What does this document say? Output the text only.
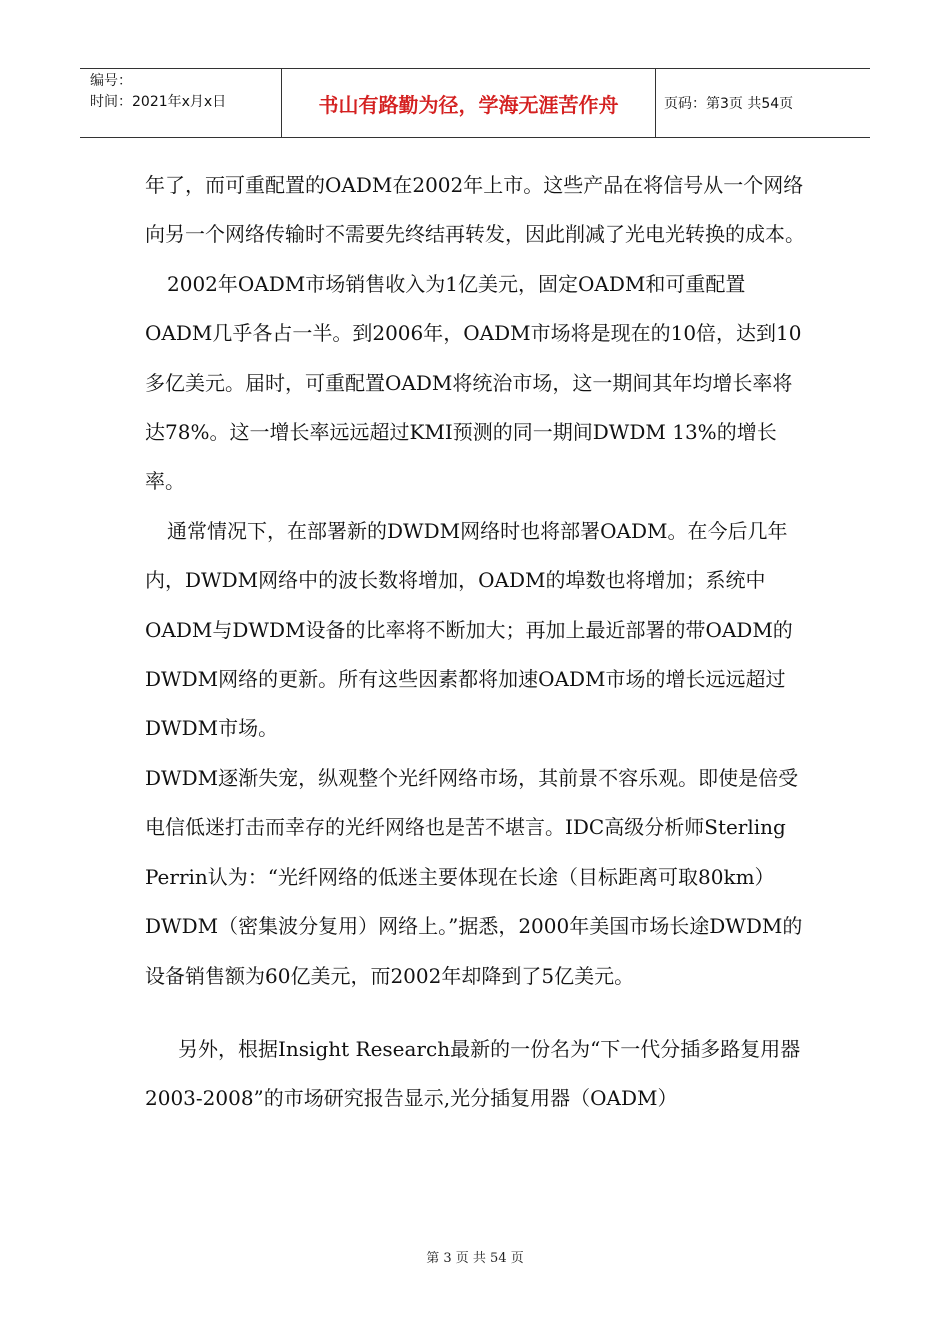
编号：
时间：2021年x月x日	书山有路勤为径，学海无涯苦作舟	页码：第3页 共54页

年了，而可重配置的OADM在2002年上市。这些产品在将信号从一个网络向另一个网络传输时不需要先终结再转发，因此削减了光电光转换的成本。

2002年OADM市场销售收入为1亿美元，固定OADM和可重配置OADM几乎各占一半。到2006年，OADM市场将是现在的10倍，达到10多亿美元。届时，可重配置OADM将统治市场，这一期间其年均增长率将达78%。这一增长率远远超过KMI预测的同一期间DWDM 13%的增长率。

通常情况下，在部署新的DWDM网络时也将部署OADM。在今后几年内，DWDM网络中的波长数将增加，OADM的埠数也将增加；系统中OADM与DWDM设备的比率将不断加大；再加上最近部署的带OADM的DWDM网络的更新。所有这些因素都将加速OADM市场的增长远远超过DWDM市场。

DWDM逐渐失宠，纵观整个光纤网络市场，其前景不容乐观。即使是倍受电信低迷打击而幸存的光纤网络也是苦不堪言。IDC高级分析师Sterling Perrin认为：“光纤网络的低迷主要体现在长途（目标距离可取80km）DWDM（密集波分复用）网络上。”据悉，2000年美国市场长途DWDM的设备销售额为60亿美元，而2002年却降到了5亿美元。

另外，根据Insight Research最新的一份名为“下一代分插多路复用器2003-2008”的市场研究报告显示,光分插复用器（OADM）

第 3 页 共 54 页
